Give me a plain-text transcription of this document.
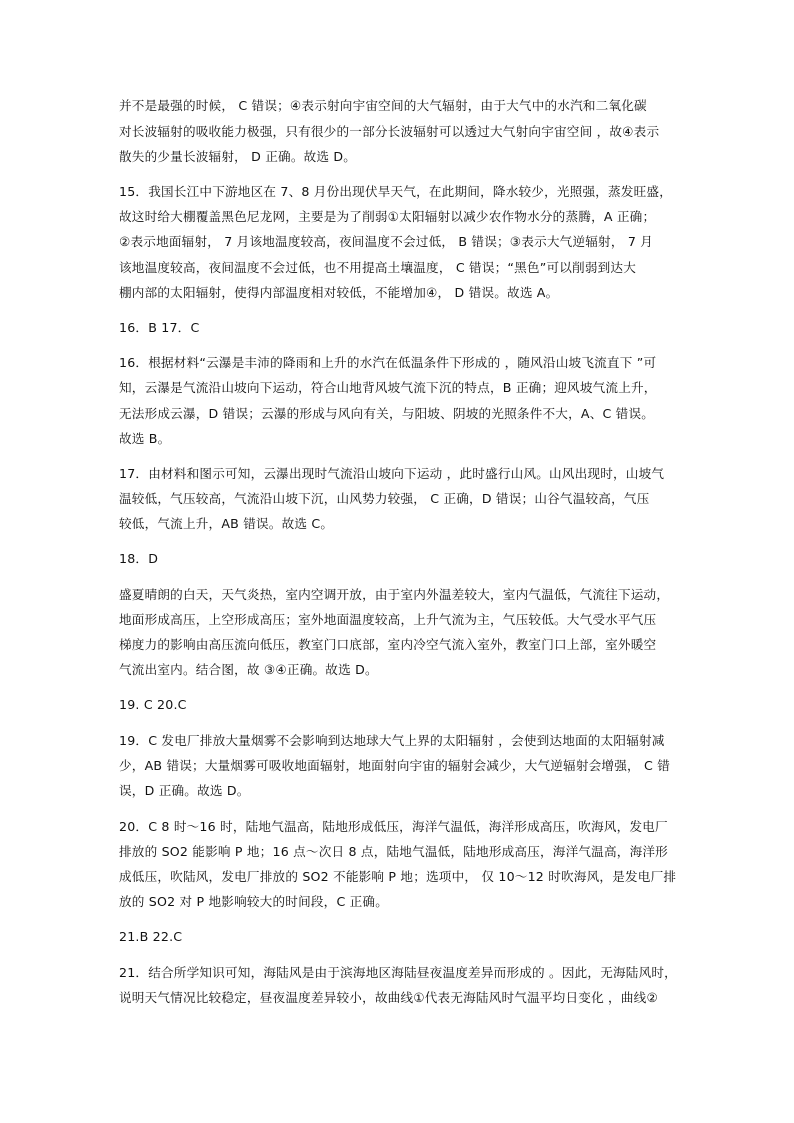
并不是最强的时候， C 错误；④表示射向宇宙空间的大气辐射，由于大气中的水汽和二氧化碳
对长波辐射的吸收能力极强，只有很少的一部分长波辐射可以透过大气射向宇宙空间 ，故④表示
散失的少量长波辐射， D 正确。故选 D。
15．我国长江中下游地区在 7、8 月份出现伏旱天气，在此期间，降水较少，光照强，蒸发旺盛，
故这时给大棚覆盖黑色尼龙网，主要是为了削弱①太阳辐射以减少农作物水分的蒸腾，A 正确；
②表示地面辐射， 7 月该地温度较高，夜间温度不会过低， B 错误；③表示大气逆辐射， 7 月
该地温度较高，夜间温度不会过低，也不用提高土壤温度， C 错误；“黑色”可以削弱到达大
棚内部的太阳辐射，使得内部温度相对较低，不能增加④， D 错误。故选 A。
16．B 17．C
16．根据材料“云瀑是丰沛的降雨和上升的水汽在低温条件下形成的 ，随风沿山坡飞流直下 ”可
知，云瀑是气流沿山坡向下运动，符合山地背风坡气流下沉的特点，B 正确；迎风坡气流上升，
无法形成云瀑，D 错误；云瀑的形成与风向有关，与阳坡、阴坡的光照条件不大，A、C 错误。
故选 B。
17．由材料和图示可知，云瀑出现时气流沿山坡向下运动 ，此时盛行山风。山风出现时，山坡气
温较低，气压较高，气流沿山坡下沉，山风势力较强， C 正确，D 错误；山谷气温较高，气压
较低，气流上升，AB 错误。故选 C。
18．D
盛夏晴朗的白天，天气炎热，室内空调开放，由于室内外温差较大，室内气温低，气流往下运动，
地面形成高压，上空形成高压；室外地面温度较高，上升气流为主，气压较低。大气受水平气压
梯度力的影响由高压流向低压，教室门口底部，室内冷空气流入室外，教室门口上部，室外暖空
气流出室内。结合图，故 ③④正确。故选 D。
19. C 20.C
19．C 发电厂排放大量烟雾不会影响到达地球大气上界的太阳辐射 ，会使到达地面的太阳辐射减
少，AB 错误；大量烟雾可吸收地面辐射，地面射向宇宙的辐射会减少，大气逆辐射会增强， C 错
误，D 正确。故选 D。
20．C 8 时～16 时，陆地气温高，陆地形成低压，海洋气温低，海洋形成高压，吹海风，发电厂
排放的 SO2 能影响 P 地；16 点～次日 8 点，陆地气温低，陆地形成高压，海洋气温高，海洋形
成低压，吹陆风，发电厂排放的 SO2 不能影响 P 地；选项中， 仅 10～12 时吹海风，是发电厂排
放的 SO2 对 P 地影响较大的时间段，C 正确。
21.B 22.C
21．结合所学知识可知，海陆风是由于滨海地区海陆昼夜温度差异而形成的 。因此，无海陆风时，
说明天气情况比较稳定，昼夜温度差异较小，故曲线①代表无海陆风时气温平均日变化 ，曲线②
